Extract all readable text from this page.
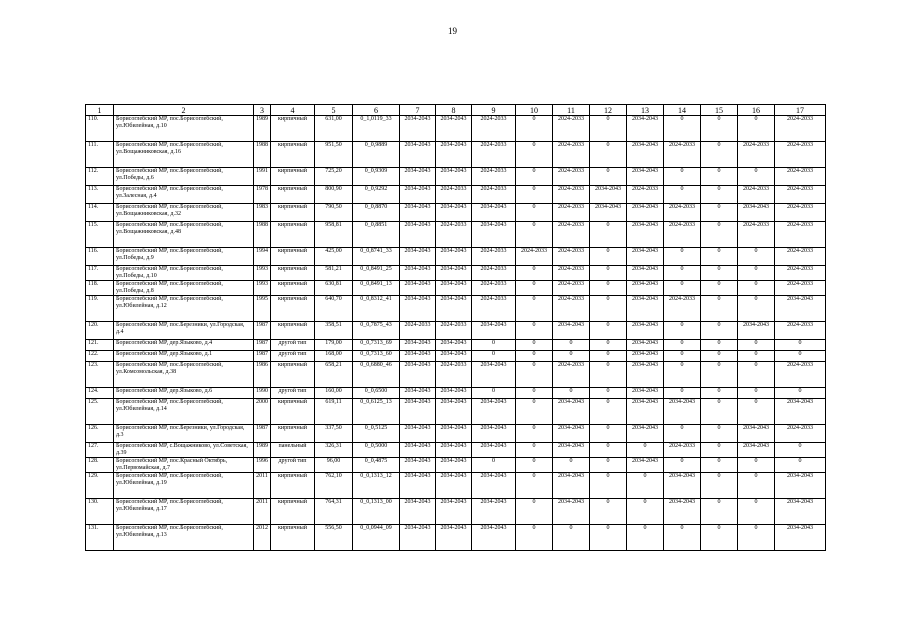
19
1	2	3	4	5	6	7	8	9	10	11	12	13	14	15	16	17
110.	Борисоглебский МР, пос.Борисоглебский, ул.Юбилейная, д.10	1989	кирпичный	631,00	0_1,0119_33	2034-2043	2034-2043	2024-2033	0	2024-2033	0	2034-2043	0	0	0	2024-2033
111.	Борисоглебский МР, пос.Борисоглебский, ул.Вощажниковская, д.16	1988	кирпичный	951,50	0_0,9889	2034-2043	2034-2043	2024-2033	0	2024-2033	0	2034-2043	2024-2033	0	2024-2033	2024-2033
112.	Борисоглебский МР, пос.Борисоглебский, ул.Победы, д.6	1991	кирпичный	725,20	0_0,9309	2034-2043	2034-2043	2024-2033	0	2024-2033	0	2034-2043	0	0	0	2024-2033
113.	Борисоглебский МР, пос.Борисоглебский, ул.Залесная, д.4	1978	кирпичный	800,90	0_0,9292	2034-2043	2024-2033	2024-2033	0	2024-2033	2034-2043	2024-2033	0	0	2024-2033	2024-2033
114.	Борисоглебский МР, пос.Борисоглебский, ул.Вощажниковская, д.32	1983	кирпичный	790,50	0_0,8870	2034-2043	2034-2043	2034-2043	0	2024-2033	2034-2043	2034-2043	2024-2033	0	2034-2043	2024-2033
115.	Борисоглебский МР, пос.Борисоглебский, ул.Вощажниковская, д.48	1988	кирпичный	958,81	0_0,8851	2034-2043	2024-2033	2034-2043	0	2024-2033	0	2034-2043	2024-2033	0	2024-2033	2024-2033
116.	Борисоглебский МР, пос.Борисоглебский, ул.Победы, д.9	1994	кирпичный	425,00	0_0,8741_33	2034-2043	2034-2043	2024-2033	2024-2033	2024-2033	0	2034-2043	0	0	0	2024-2033
117.	Борисоглебский МР, пос.Борисоглебский, ул.Победы, д.10	1993	кирпичный	581,21	0_0,8491_25	2034-2043	2034-2043	2024-2033	0	2024-2033	0	2034-2043	0	0	0	2024-2033
118.	Борисоглебский МР, пос.Борисоглебский, ул.Победы, д.8	1993	кирпичный	630,81	0_0,8491_13	2034-2043	2034-2043	2024-2033	0	2024-2033	0	2034-2043	0	0	0	2024-2033
119.	Борисоглебский МР, пос.Борисоглебский, ул.Юбилейная, д.12	1995	кирпичный	640,70	0_0,8312_41	2034-2043	2034-2043	2024-2033	0	2024-2033	0	2034-2043	2024-2033	0	0	2034-2043
120.	Борисоглебский МР, пос.Березники, ул.Городская, д.4	1987	кирпичный	358,51	0_0,7875_43	2024-2033	2024-2033	2034-2043	0	2034-2043	0	2034-2043	0	0	2034-2043	2024-2033
121.	Борисоглебский МР, дер.Языково, д.4	1987	другой тип	179,00	0_0,7313_69	2034-2043	2034-2043	0	0	0	0	2034-2043	0	0	0	0
122.	Борисоглебский МР, дер.Языково, д.1	1987	другой тип	168,00	0_0,7313_60	2034-2043	2034-2043	0	0	0	0	2034-2043	0	0	0	0
123.	Борисоглебский МР, пос.Борисоглебский, ул.Комсомольская, д.38	1986	кирпичный	658,21	0_0,6880_46	2034-2043	2024-2033	2034-2043	0	2024-2033	0	2034-2043	0	0	0	2024-2033
124.	Борисоглебский МР, дер.Языково, д.6	1990	другой тип	160,00	0_0,6500	2034-2043	2034-2043	0	0	0	0	2034-2043	0	0	0	0
125.	Борисоглебский МР, пос.Борисоглебский, ул.Юбилейная, д.14	2000	кирпичный	619,11	0_0,6125_13	2034-2043	2034-2043	2034-2043	0	2034-2043	0	2034-2043	2034-2043	0	0	2034-2043
126.	Борисоглебский МР, пос.Березники, ул.Городская, д.3	1987	кирпичный	337,50	0_0,5125	2034-2043	2034-2043	2034-2043	0	2034-2043	0	2034-2043	0	0	2034-2043	2024-2033
127.	Борисоглебский МР, с.Вощажниково, ул.Советская, д.39	1989	панельный	326,31	0_0,5000	2034-2043	2034-2043	2034-2043	0	2034-2043	0	0	2024-2033	0	2034-2043	0
128.	Борисоглебский МР, пос.Красный Октябрь, ул.Первомайская, д.7	1996	другой тип	96,00	0_0,4875	2034-2043	2034-2043	0	0	0	0	2034-2043	0	0	0	0
129.	Борисоглебский МР, пос.Борисоглебский, ул.Юбилейная, д.19	2011	кирпичный	762,10	0_0,1313_12	2034-2043	2034-2043	2034-2043	0	2034-2043	0	0	2034-2043	0	0	2034-2043
130.	Борисоглебский МР, пос.Борисоглебский, ул.Юбилейная, д.17	2011	кирпичный	764,31	0_0,1313_00	2034-2043	2034-2043	2034-2043	0	2034-2043	0	0	2034-2043	0	0	2034-2043
131.	Борисоглебский МР, пос.Борисоглебский, ул.Юбилейная, д.13	2012	кирпичный	556,50	0_0,0944_09	2034-2043	2034-2043	2034-2043	0	0	0	0	0	0	0	2034-2043
